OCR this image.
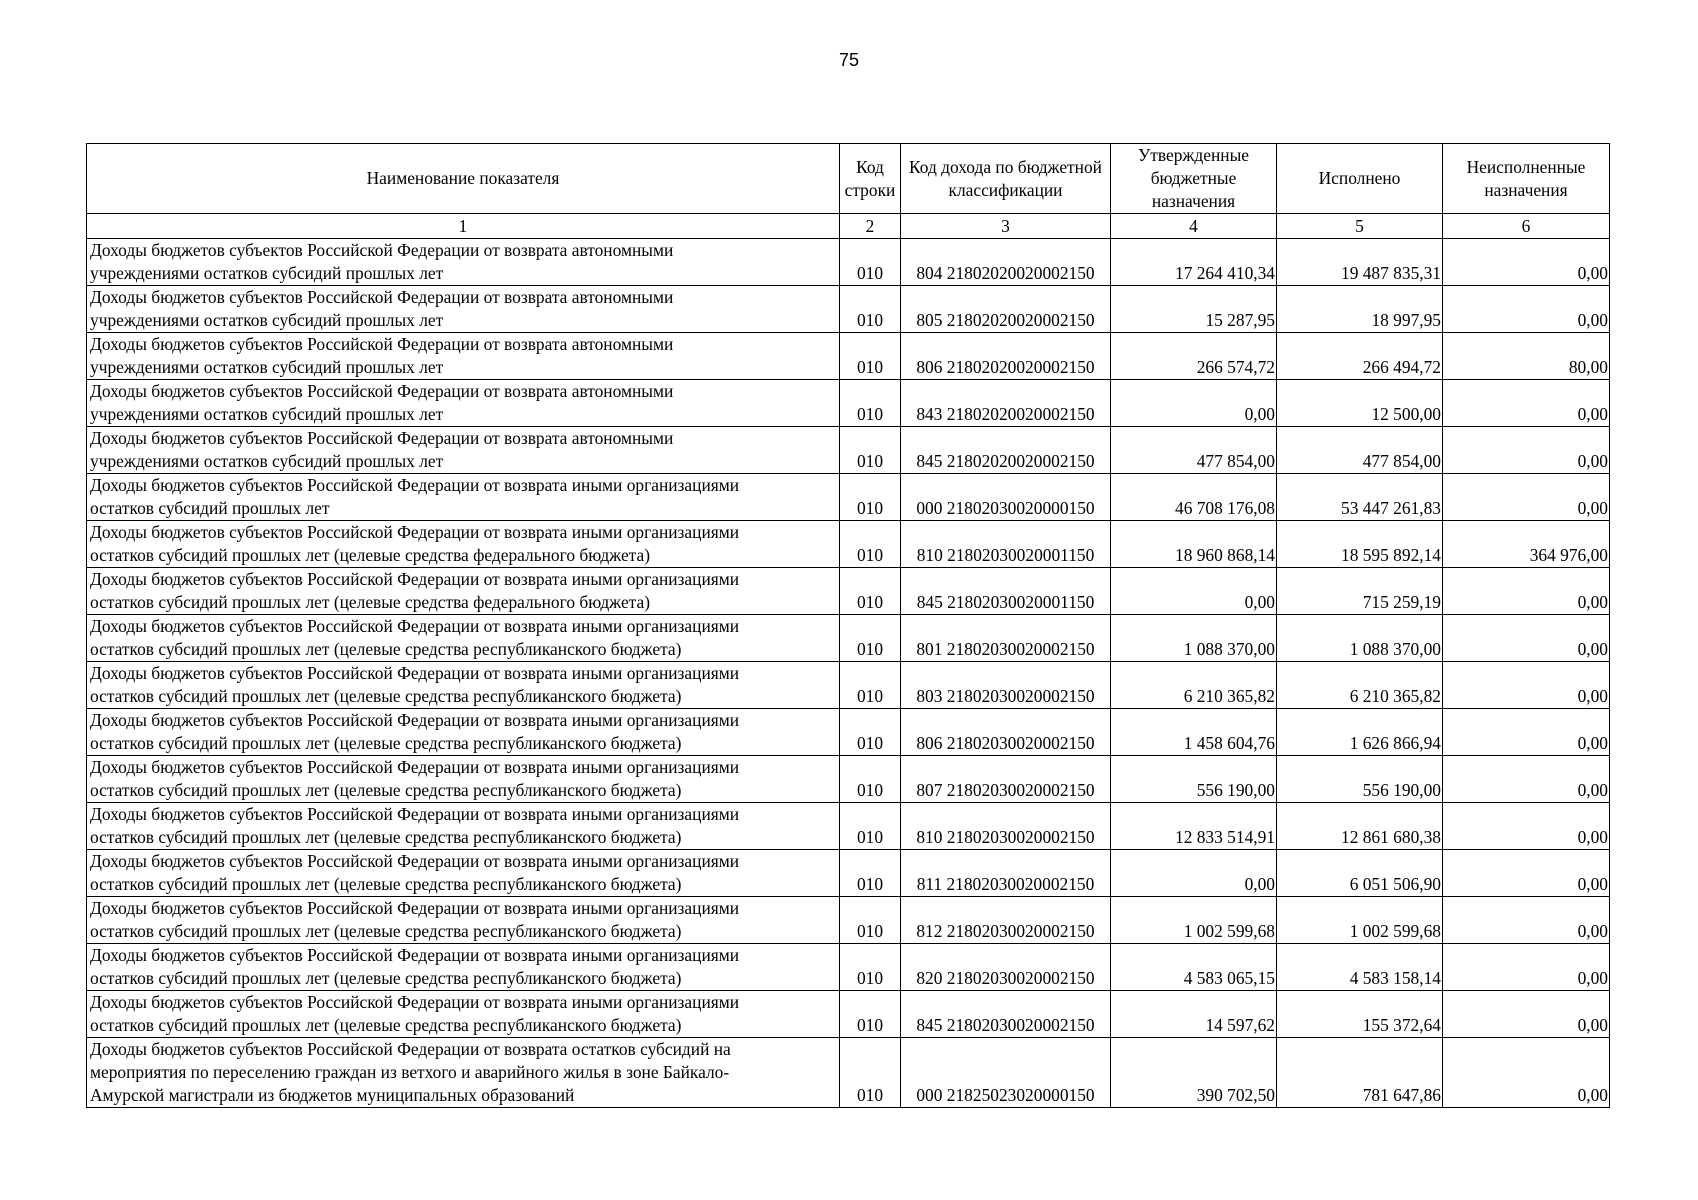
75
Наименование показателя	Код строки	Код дохода по бюджетной классификации	Утвержденные бюджетные назначения	Исполнено	Неисполненные назначения
1	2	3	4	5	6

Доходы бюджетов субъектов Российской Федерации от возврата автономными
учреждениями остатков субсидий прошлых лет	010	804 21802020020002150	17 264 410,34	19 487 835,31	0,00

Доходы бюджетов субъектов Российской Федерации от возврата автономными
учреждениями остатков субсидий прошлых лет	010	805 21802020020002150	15 287,95	18 997,95	0,00

Доходы бюджетов субъектов Российской Федерации от возврата автономными
учреждениями остатков субсидий прошлых лет	010	806 21802020020002150	266 574,72	266 494,72	80,00

Доходы бюджетов субъектов Российской Федерации от возврата автономными
учреждениями остатков субсидий прошлых лет	010	843 21802020020002150	0,00	12 500,00	0,00

Доходы бюджетов субъектов Российской Федерации от возврата автономными
учреждениями остатков субсидий прошлых лет	010	845 21802020020002150	477 854,00	477 854,00	0,00

Доходы бюджетов субъектов Российской Федерации от возврата иными организациями
остатков субсидий прошлых лет	010	000 21802030020000150	46 708 176,08	53 447 261,83	0,00

Доходы бюджетов субъектов Российской Федерации от возврата иными организациями
остатков субсидий прошлых лет (целевые средства федерального бюджета)	010	810 21802030020001150	18 960 868,14	18 595 892,14	364 976,00

Доходы бюджетов субъектов Российской Федерации от возврата иными организациями
остатков субсидий прошлых лет (целевые средства федерального бюджета)	010	845 21802030020001150	0,00	715 259,19	0,00

Доходы бюджетов субъектов Российской Федерации от возврата иными организациями
остатков субсидий прошлых лет (целевые средства республиканского бюджета)	010	801 21802030020002150	1 088 370,00	1 088 370,00	0,00

Доходы бюджетов субъектов Российской Федерации от возврата иными организациями
остатков субсидий прошлых лет (целевые средства республиканского бюджета)	010	803 21802030020002150	6 210 365,82	6 210 365,82	0,00

Доходы бюджетов субъектов Российской Федерации от возврата иными организациями
остатков субсидий прошлых лет (целевые средства республиканского бюджета)	010	806 21802030020002150	1 458 604,76	1 626 866,94	0,00

Доходы бюджетов субъектов Российской Федерации от возврата иными организациями
остатков субсидий прошлых лет (целевые средства республиканского бюджета)	010	807 21802030020002150	556 190,00	556 190,00	0,00

Доходы бюджетов субъектов Российской Федерации от возврата иными организациями
остатков субсидий прошлых лет (целевые средства республиканского бюджета)	010	810 21802030020002150	12 833 514,91	12 861 680,38	0,00

Доходы бюджетов субъектов Российской Федерации от возврата иными организациями
остатков субсидий прошлых лет (целевые средства республиканского бюджета)	010	811 21802030020002150	0,00	6 051 506,90	0,00

Доходы бюджетов субъектов Российской Федерации от возврата иными организациями
остатков субсидий прошлых лет (целевые средства республиканского бюджета)	010	812 21802030020002150	1 002 599,68	1 002 599,68	0,00

Доходы бюджетов субъектов Российской Федерации от возврата иными организациями
остатков субсидий прошлых лет (целевые средства республиканского бюджета)	010	820 21802030020002150	4 583 065,15	4 583 158,14	0,00

Доходы бюджетов субъектов Российской Федерации от возврата иными организациями
остатков субсидий прошлых лет (целевые средства республиканского бюджета)	010	845 21802030020002150	14 597,62	155 372,64	0,00

Доходы бюджетов субъектов Российской Федерации от возврата остатков субсидий на
мероприятия по переселению граждан из ветхого и аварийного жилья в зоне Байкало-
Амурской магистрали из бюджетов муниципальных образований	010	000 21825023020000150	390 702,50	781 647,86	0,00
